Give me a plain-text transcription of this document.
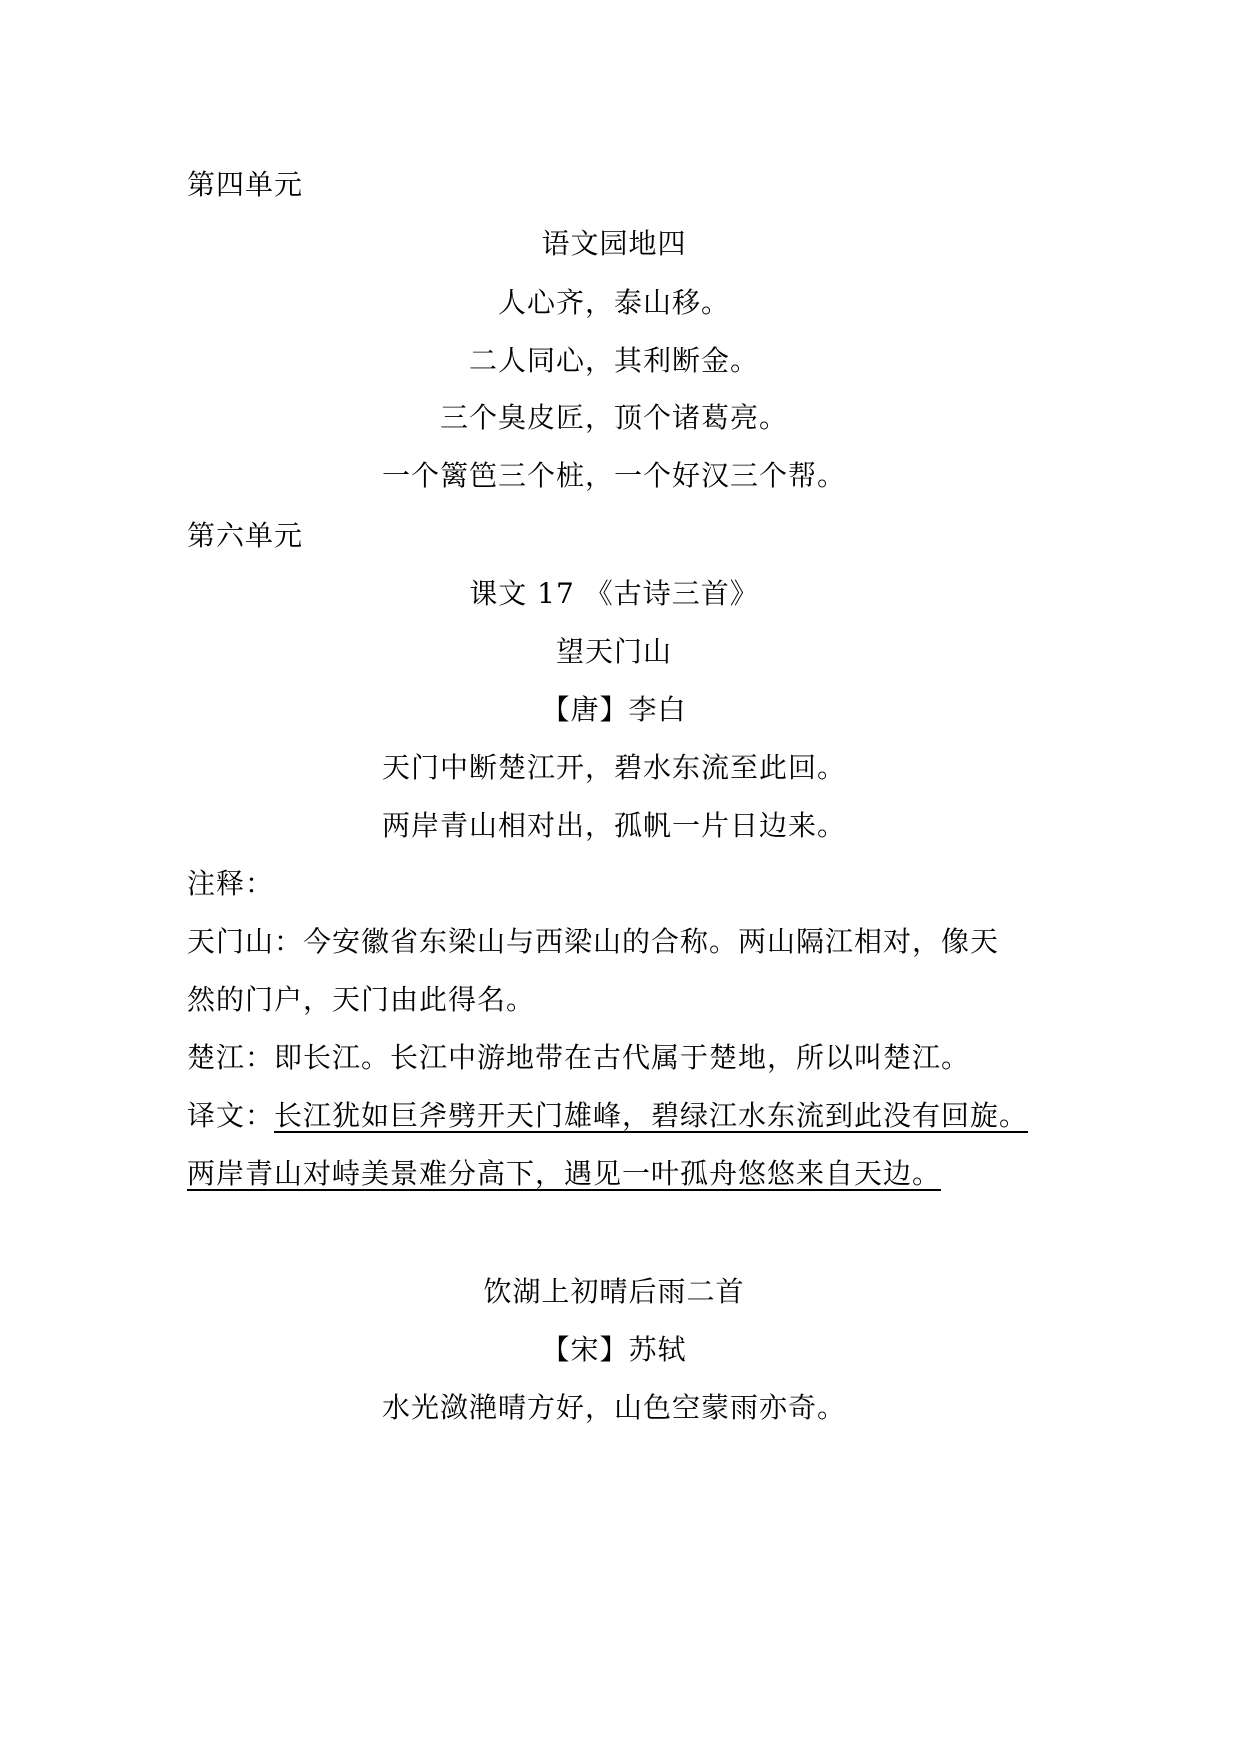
第四单元
语文园地四
人心齐，泰山移。
二人同心，其利断金。
三个臭皮匠，顶个诸葛亮。
一个篱笆三个桩，一个好汉三个帮。
第六单元
课文 17 《古诗三首》
望天门山
【唐】李白
天门中断楚江开，碧水东流至此回。
两岸青山相对出，孤帆一片日边来。
注释：
天门山：今安徽省东梁山与西梁山的合称。两山隔江相对，像天
然的门户，天门由此得名。
楚江：即长江。长江中游地带在古代属于楚地，所以叫楚江。
译文：长江犹如巨斧劈开天门雄峰，碧绿江水东流到此没有回旋。
两岸青山对峙美景难分高下，遇见一叶孤舟悠悠来自天边。
饮湖上初晴后雨二首
【宋】苏轼
水光潋滟晴方好，山色空蒙雨亦奇。
